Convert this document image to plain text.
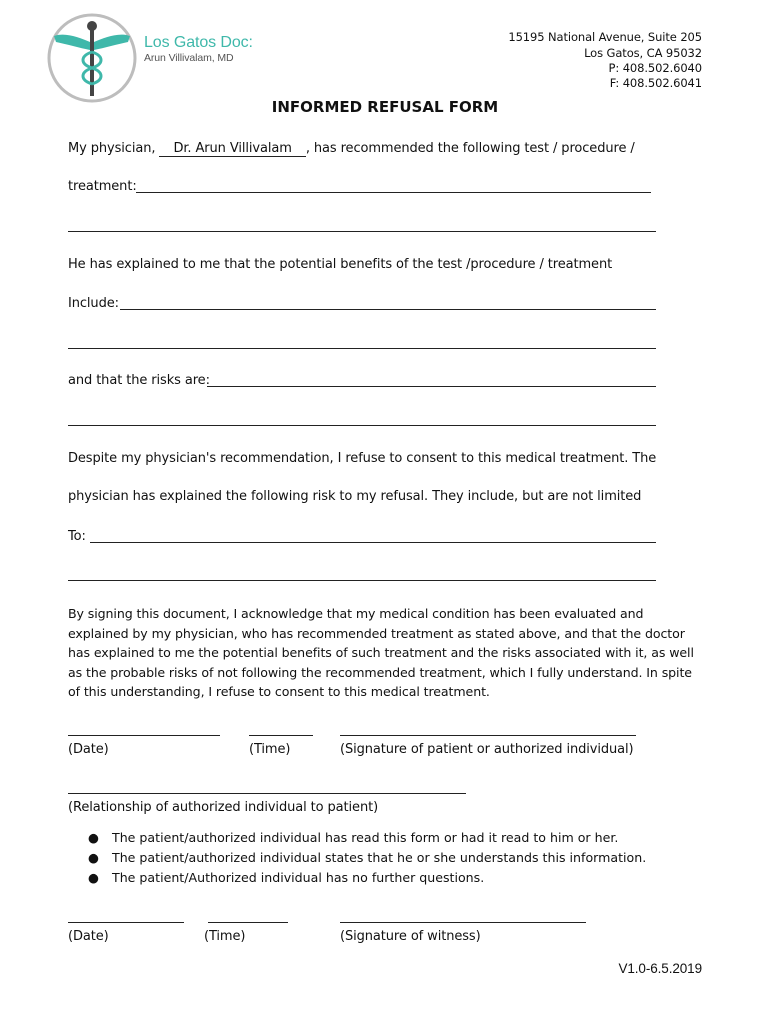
Los Gatos Doc:
Arun Villivalam, MD
15195 National Avenue, Suite 205
Los Gatos, CA 95032
P: 408.502.6040
F: 408.502.6041
INFORMED REFUSAL FORM
My physician, Dr. Arun Villivalam , has recommended the following test / procedure /
treatment:
He has explained to me that the potential benefits of the test /procedure / treatment
Include:
and that the risks are:
Despite my physician's recommendation, I refuse to consent to this medical treatment. The
physician has explained the following risk to my refusal. They include, but are not limited
To:
By signing this document, I acknowledge that my medical condition has been evaluated and explained by my physician, who has recommended treatment as stated above, and that the doctor has explained to me the potential benefits of such treatment and the risks associated with it, as well as the probable risks of not following the recommended treatment, which I fully understand. In spite of this understanding, I refuse to consent to this medical treatment.
(Date)	(Time)	(Signature of patient or authorized individual)
(Relationship of authorized individual to patient)
● The patient/authorized individual has read this form or had it read to him or her.
● The patient/authorized individual states that he or she understands this information.
● The patient/Authorized individual has no further questions.
(Date)	(Time)	(Signature of witness)
V1.0-6.5.2019
